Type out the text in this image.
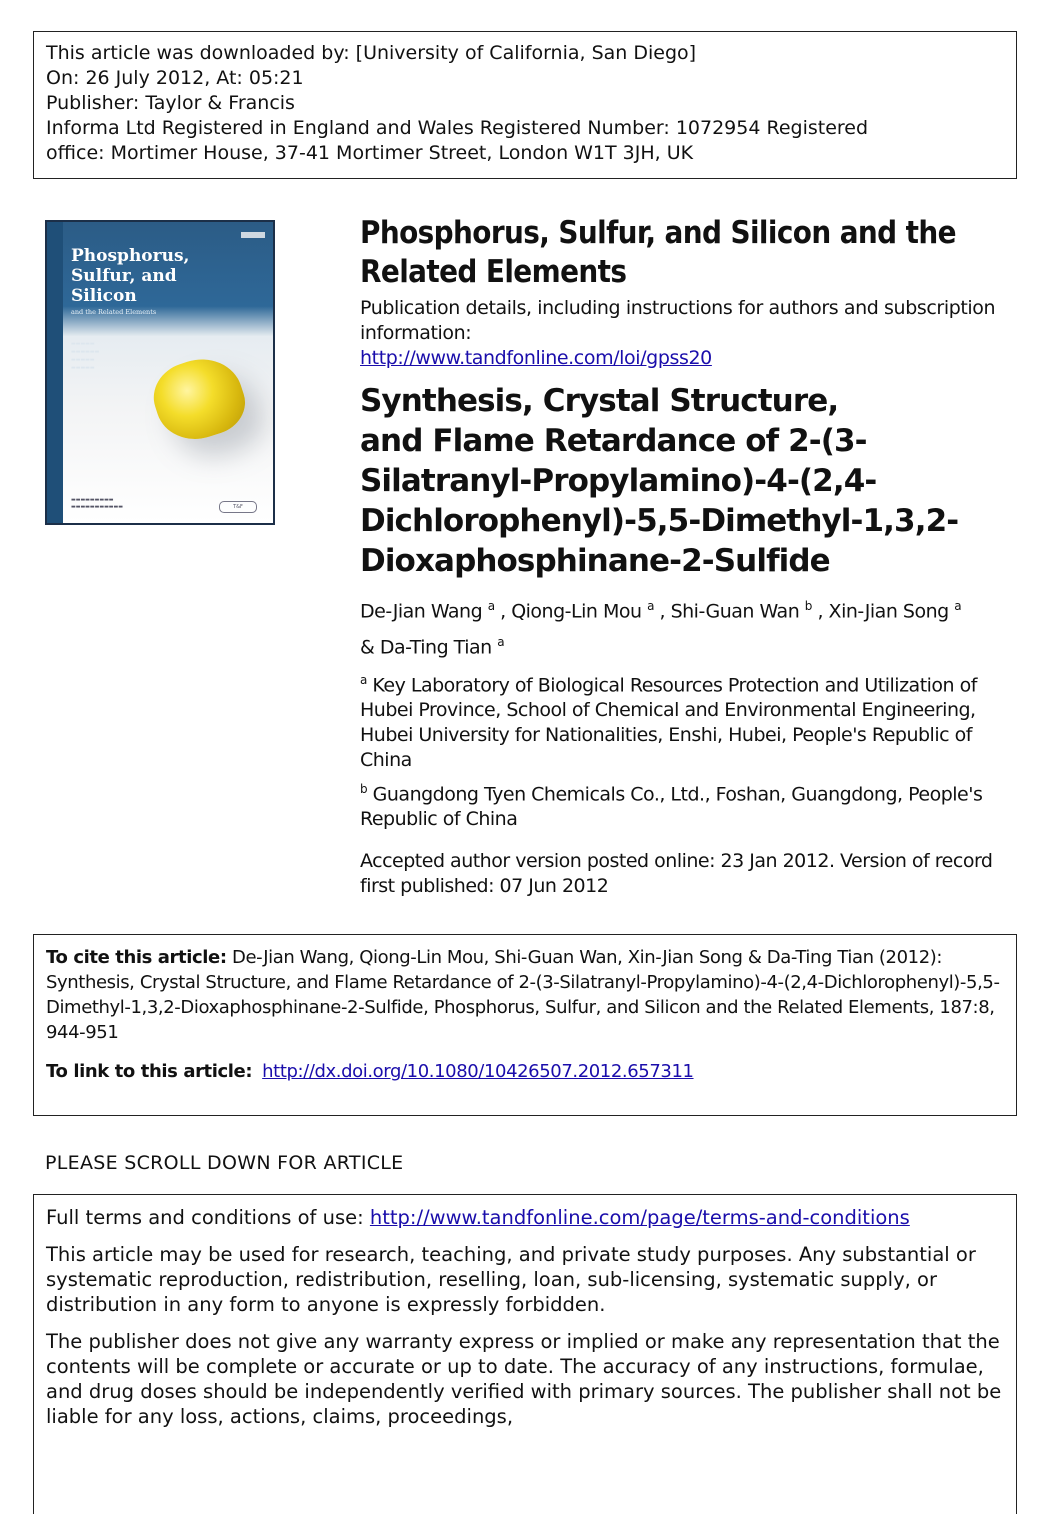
This article was downloaded by: [University of California, San Diego]
On: 26 July 2012, At: 05:21
Publisher: Taylor & Francis
Informa Ltd Registered in England and Wales Registered Number: 1072954 Registered
office: Mortimer House, 37-41 Mortimer Street, London W1T 3JH, UK
Phosphorus,
Sulfur, and
Silicon
and the Related Elements
▬▬▬▬▬
▬▬▬▬▬▬
▬▬▬▬▬
▬▬▬▬▬
▬▬▬▬▬▬▬▬▬
▬▬▬▬▬▬▬▬▬▬▬	T&F
Phosphorus, Sulfur, and Silicon and the Related Elements
Publication details, including instructions for authors and subscription information:
http://www.tandfonline.com/loi/gpss20
Synthesis, Crystal Structure,
and Flame Retardance of 2-(3-
Silatranyl-Propylamino)-4-(2,4-
Dichlorophenyl)-5,5-Dimethyl-1,3,2-
Dioxaphosphinane-2-Sulfide
De-Jian Wang $^a$ , Qiong-Lin Mou $^a$ , Shi-Guan Wan $^b$ , Xin-Jian Song $^a$
& Da-Ting Tian $^a$
$^a$ Key Laboratory of Biological Resources Protection and Utilization of Hubei Province, School of Chemical and Environmental Engineering, Hubei University for Nationalities, Enshi, Hubei, People's Republic of China
$^b$ Guangdong Tyen Chemicals Co., Ltd., Foshan, Guangdong, People's Republic of China
Accepted author version posted online: 23 Jan 2012. Version of record first published: 07 Jun 2012
To cite this article: De-Jian Wang, Qiong-Lin Mou, Shi-Guan Wan, Xin-Jian Song & Da-Ting Tian (2012): Synthesis, Crystal Structure, and Flame Retardance of 2-(3-Silatranyl-Propylamino)-4-(2,4-Dichlorophenyl)-5,5-Dimethyl-1,3,2-Dioxaphosphinane-2-Sulfide, Phosphorus, Sulfur, and Silicon and the Related Elements, 187:8, 944-951
To link to this article: http://dx.doi.org/10.1080/10426507.2012.657311
PLEASE SCROLL DOWN FOR ARTICLE

Full terms and conditions of use: http://www.tandfonline.com/page/terms-and-conditions

This article may be used for research, teaching, and private study purposes. Any substantial or systematic reproduction, redistribution, reselling, loan, sub-licensing, systematic supply, or distribution in any form to anyone is expressly forbidden.

The publisher does not give any warranty express or implied or make any representation that the contents will be complete or accurate or up to date. The accuracy of any instructions, formulae, and drug doses should be independently verified with primary sources. The publisher shall not be liable for any loss, actions, claims, proceedings,
